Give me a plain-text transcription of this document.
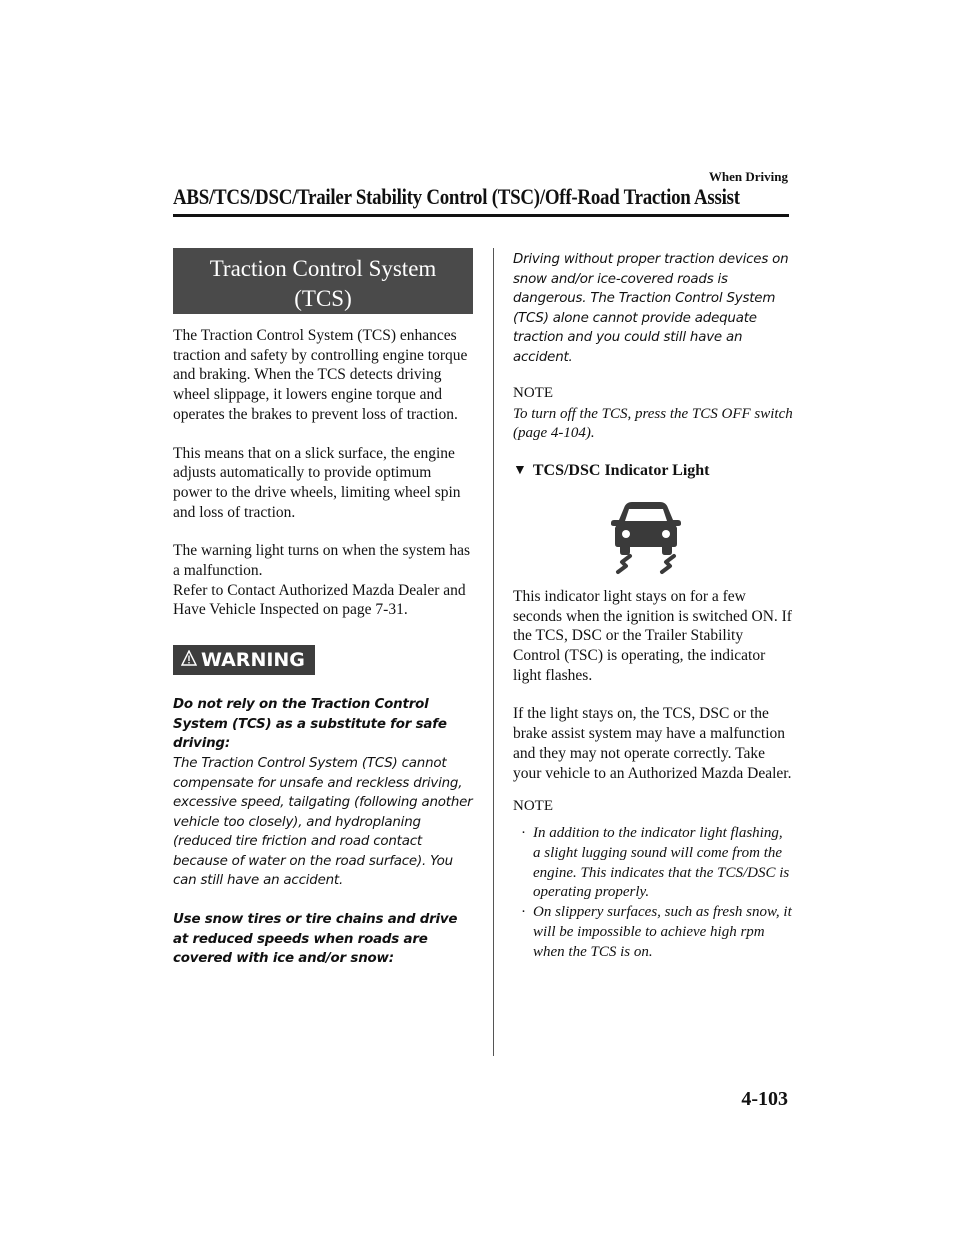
When Driving
ABS/TCS/DSC/Trailer Stability Control (TSC)/Off-Road Traction Assist
Traction Control System
(TCS)

The Traction Control System (TCS) enhances traction and safety by controlling engine torque and braking. When the TCS detects driving wheel slippage, it lowers engine torque and operates the brakes to prevent loss of traction.

This means that on a slick surface, the engine adjusts automatically to provide optimum power to the drive wheels, limiting wheel spin and loss of traction.

The warning light turns on when the system has a malfunction.
Refer to Contact Authorized Mazda Dealer and Have Vehicle Inspected on page 7-31.

WARNING

Do not rely on the Traction Control System (TCS) as a substitute for safe driving:
The Traction Control System (TCS) cannot compensate for unsafe and reckless driving, excessive speed, tailgating (following another vehicle too closely), and hydroplaning (reduced tire friction and road contact because of water on the road surface). You can still have an accident.

Use snow tires or tire chains and drive at reduced speeds when roads are covered with ice and/or snow:

Driving without proper traction devices on snow and/or ice-covered roads is dangerous. The Traction Control System (TCS) alone cannot provide adequate traction and you could still have an accident.

NOTE

To turn off the TCS, press the TCS OFF switch (page 4-104).

▼ TCS/DSC Indicator Light

This indicator light stays on for a few seconds when the ignition is switched ON. If the TCS, DSC or the Trailer Stability Control (TSC) is operating, the indicator light flashes.

If the light stays on, the TCS, DSC or the brake assist system may have a malfunction and they may not operate correctly. Take your vehicle to an Authorized Mazda Dealer.

NOTE

· In addition to the indicator light flashing, a slight lugging sound will come from the engine. This indicates that the TCS/DSC is operating properly.
· On slippery surfaces, such as fresh snow, it will be impossible to achieve high rpm when the TCS is on.
4-103
